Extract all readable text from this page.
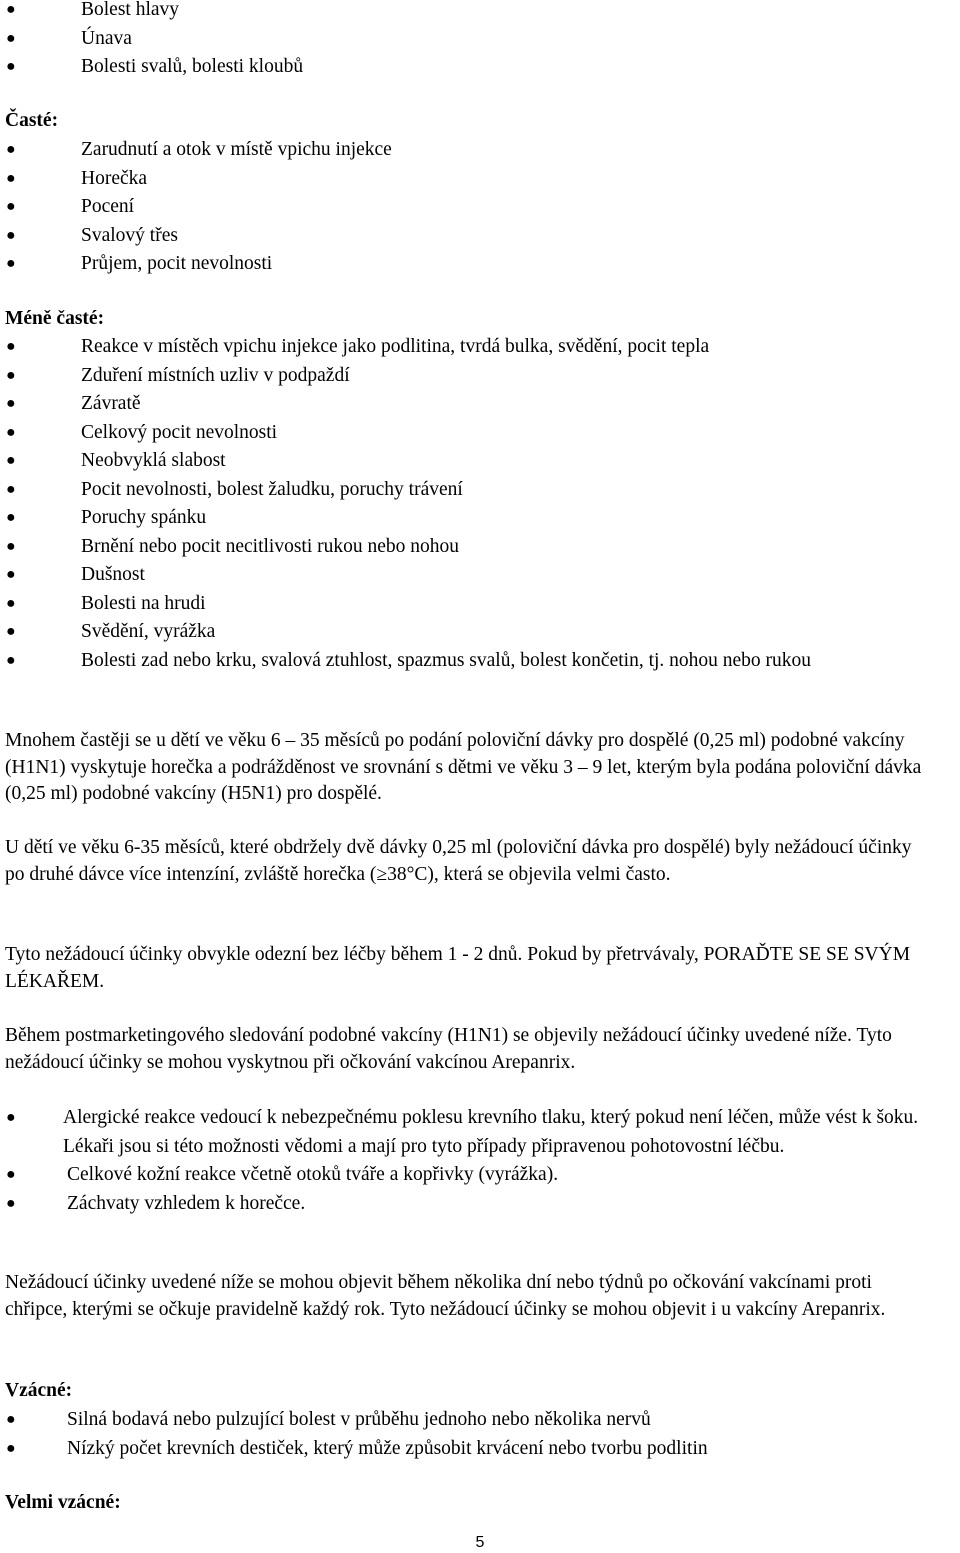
●	Bolest hlavy
●	Únava
●	Bolesti svalů, bolesti kloubů

Časté:

●	Zarudnutí a otok v místě vpichu injekce
●	Horečka
●	Pocení
●	Svalový třes
●	Průjem, pocit nevolnosti

Méně časté:

●	Reakce v místěch vpichu injekce jako podlitina, tvrdá bulka, svědění, pocit tepla
●	Zduření místních uzliv v podpaždí
●	Závratě
●	Celkový pocit nevolnosti
●	Neobvyklá slabost
●	Pocit nevolnosti, bolest žaludku, poruchy trávení
●	Poruchy spánku
●	Brnění nebo pocit necitlivosti rukou nebo nohou
●	Dušnost
●	Bolesti na hrudi
●	Svědění, vyrážka
●	Bolesti zad nebo krku, svalová ztuhlost, spazmus svalů, bolest končetin, tj. nohou nebo rukou

Mnohem častěji se u dětí ve věku 6 – 35 měsíců po podání poloviční dávky pro dospělé (0,25 ml) podobné vakcíny (H1N1) vyskytuje horečka a podrážděnost ve srovnání s dětmi ve věku 3 – 9 let, kterým byla podána poloviční dávka (0,25 ml) podobné vakcíny (H5N1) pro dospělé.

U dětí ve věku 6-35 měsíců, které obdržely dvě dávky 0,25 ml (poloviční dávka pro dospělé) byly nežádoucí účinky po druhé dávce více intenzíní, zvláště horečka (≥38°C), která se objevila velmi často.

Tyto nežádoucí účinky obvykle odezní bez léčby během 1 - 2 dnů. Pokud by přetrvávaly, PORAĎTE SE SE SVÝM LÉKAŘEM.

Během postmarketingového sledování podobné vakcíny (H1N1) se objevily nežádoucí účinky uvedené níže. Tyto nežádoucí účinky se mohou vyskytnou při očkování vakcínou Arepanrix.

● Alergické reakce vedoucí k nebezpečnému poklesu krevního tlaku, který pokud není léčen, může vést k šoku. Lékaři jsou si této možnosti vědomi a mají pro tyto případy připravenou pohotovostní léčbu.
●	Celkové kožní reakce včetně otoků tváře a kopřivky (vyrážka).
●	Záchvaty vzhledem k horečce.

Nežádoucí účinky uvedené níže se mohou objevit během několika dní nebo týdnů po očkování vakcínami proti chřipce, kterými se očkuje pravidelně každý rok. Tyto nežádoucí účinky se mohou objevit i u vakcíny Arepanrix.

Vzácné:

●	Silná bodavá nebo pulzující bolest v průběhu jednoho nebo několika nervů
●	Nízký počet krevních destiček, který může způsobit krvácení nebo tvorbu podlitin

Velmi vzácné:

5
